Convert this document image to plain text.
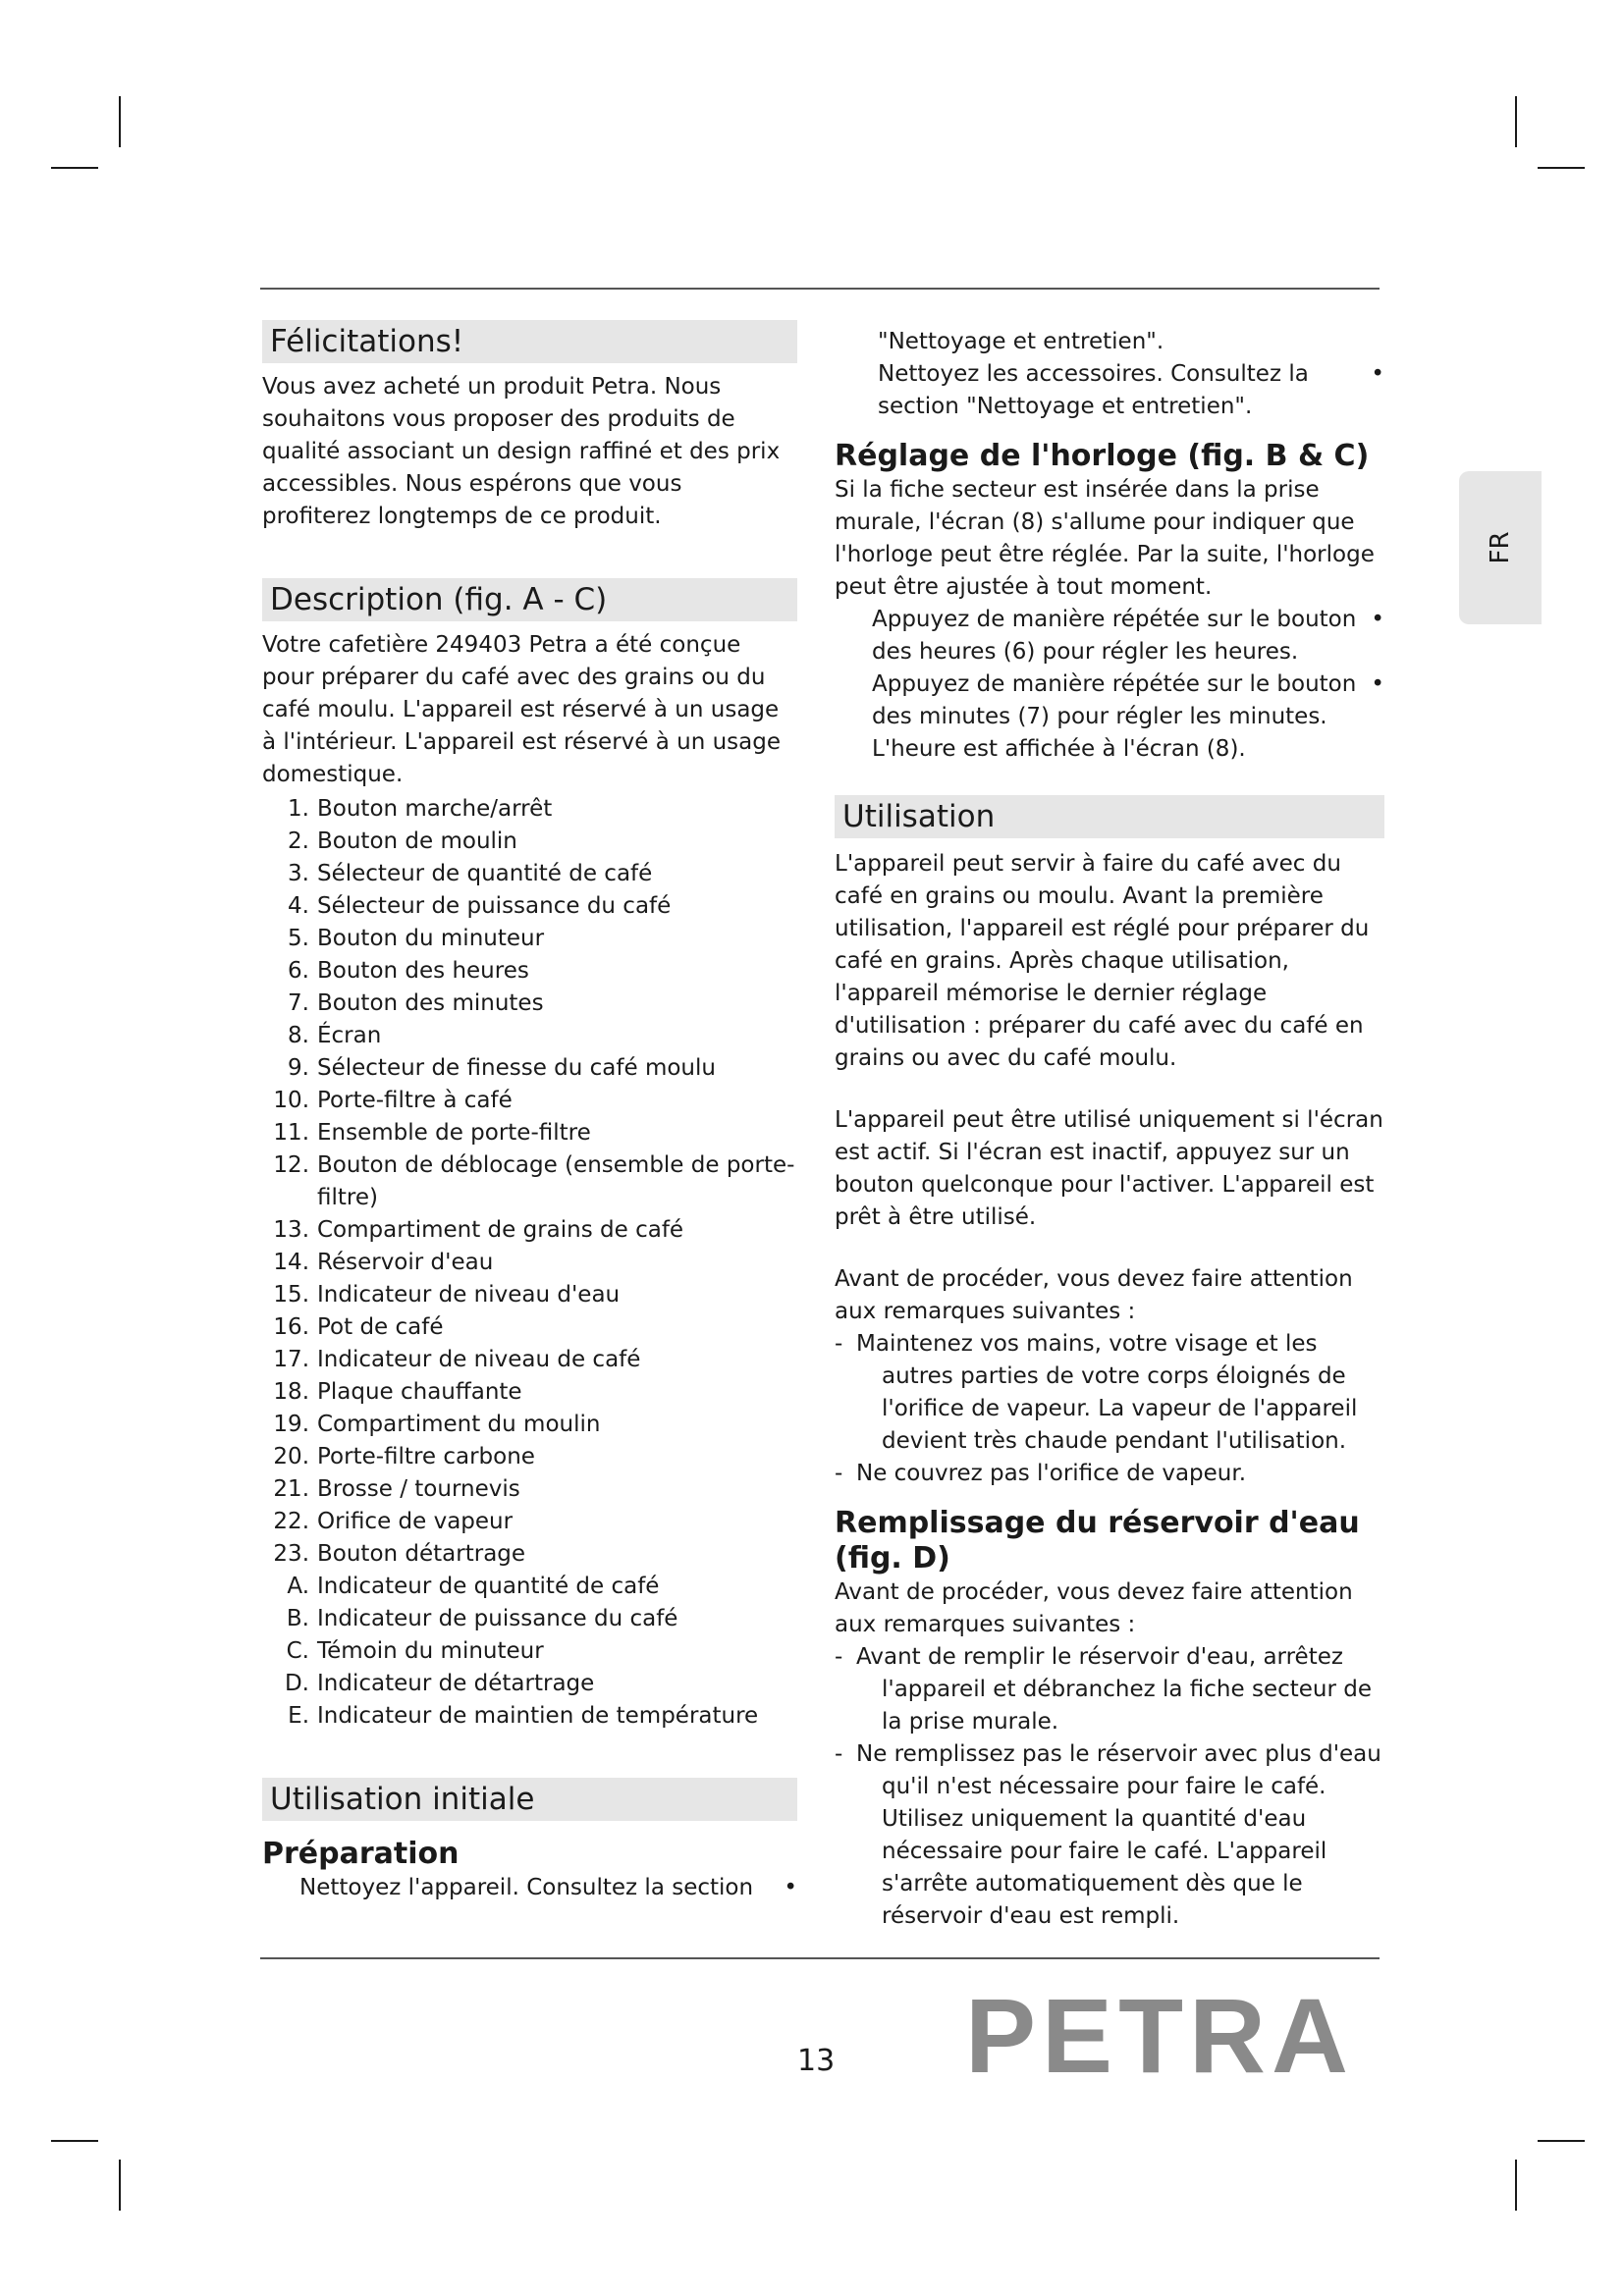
FR
Félicitations!

Vous avez acheté un produit Petra. Nous souhaitons vous proposer des produits de qualité associant un design raffiné et des prix accessibles. Nous espérons que vous profiterez longtemps de ce produit.

Description (fig. A - C)

Votre cafetière 249403 Petra a été conçue pour préparer du café avec des grains ou du café moulu. L'appareil est réservé à un usage à l'intérieur. L'appareil est réservé à un usage domestique.

1. Bouton marche/arrêt
2. Bouton de moulin
3. Sélecteur de quantité de café
4. Sélecteur de puissance du café
5. Bouton du minuteur
6. Bouton des heures
7. Bouton des minutes
8. Écran
9. Sélecteur de finesse du café moulu
10. Porte-filtre à café
11. Ensemble de porte-filtre
12. Bouton de déblocage (ensemble de porte-filtre)
13. Compartiment de grains de café
14. Réservoir d'eau
15. Indicateur de niveau d'eau
16. Pot de café
17. Indicateur de niveau de café
18. Plaque chauffante
19. Compartiment du moulin
20. Porte-filtre carbone
21. Brosse / tournevis
22. Orifice de vapeur
23. Bouton détartrage
A. Indicateur de quantité de café
B. Indicateur de puissance du café
C. Témoin du minuteur
D. Indicateur de détartrage
E. Indicateur de maintien de température
Utilisation initiale
Préparation
Nettoyez l'appareil. Consultez la section •
"Nettoyage et entretien".
Nettoyez les accessoires. Consultez la section "Nettoyage et entretien".
•
Réglage de l'horloge (fig. B & C)

Si la fiche secteur est insérée dans la prise murale, l'écran (8) s'allume pour indiquer que l'horloge peut être réglée. Par la suite, l'horloge peut être ajustée à tout moment.

Appuyez de manière répétée sur le bouton des heures (6) pour régler les heures.
•
Appuyez de manière répétée sur le bouton des minutes (7) pour régler les minutes.
•
L'heure est affichée à l'écran (8).
Utilisation

L'appareil peut servir à faire du café avec du café en grains ou moulu. Avant la première utilisation, l'appareil est réglé pour préparer du café en grains. Après chaque utilisation, l'appareil mémorise le dernier réglage d'utilisation : préparer du café avec du café en grains ou avec du café moulu.

L'appareil peut être utilisé uniquement si l'écran est actif. Si l'écran est inactif, appuyez sur un bouton quelconque pour l'activer. L'appareil est prêt à être utilisé.

Avant de procéder, vous devez faire attention aux remarques suivantes :

- Maintenez vos mains, votre visage et les autres parties de votre corps éloignés de l'orifice de vapeur. La vapeur de l'appareil devient très chaude pendant l'utilisation.
- Ne couvrez pas l'orifice de vapeur.
Remplissage du réservoir d'eau (fig. D)

Avant de procéder, vous devez faire attention aux remarques suivantes :

- Avant de remplir le réservoir d'eau, arrêtez l'appareil et débranchez la fiche secteur de la prise murale.
- Ne remplissez pas le réservoir avec plus d'eau qu'il n'est nécessaire pour faire le café. Utilisez uniquement la quantité d'eau nécessaire pour faire le café. L'appareil s'arrête automatiquement dès que le réservoir d'eau est rempli.
13 PETRA
